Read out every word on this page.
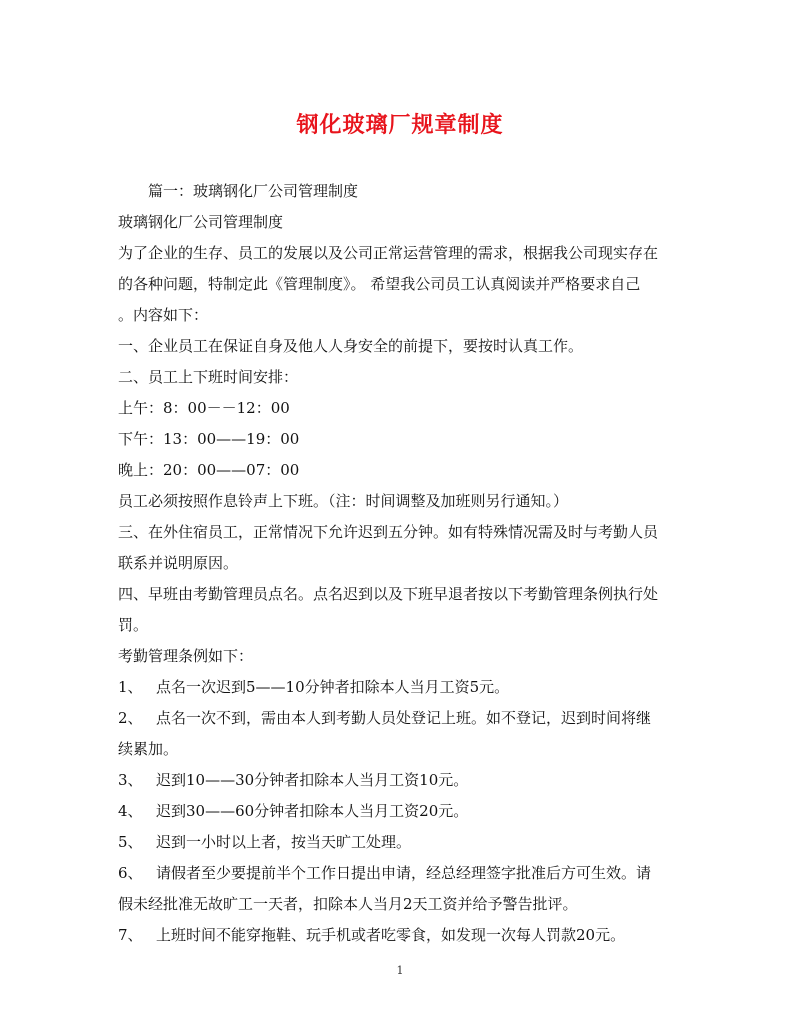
钢化玻璃厂规章制度
篇一：玻璃钢化厂公司管理制度
玻璃钢化厂公司管理制度
为了企业的生存、员工的发展以及公司正常运营管理的需求，根据我公司现实存在
的各种问题，特制定此《管理制度》。 希望我公司员工认真阅读并严格要求自己
。内容如下：
一、企业员工在保证自身及他人人身安全的前提下，要按时认真工作。
二、员工上下班时间安排：
上午：8：00－－12：00
下午：13：00——19：00
晚上：20：00——07：00
员工必须按照作息铃声上下班。（注：时间调整及加班则另行通知。）
三、在外住宿员工，正常情况下允许迟到五分钟。如有特殊情况需及时与考勤人员
联系并说明原因。
四、早班由考勤管理员点名。点名迟到以及下班早退者按以下考勤管理条例执行处
罚。
考勤管理条例如下：
1、 点名一次迟到5——10分钟者扣除本人当月工资5元。
2、 点名一次不到，需由本人到考勤人员处登记上班。如不登记，迟到时间将继
续累加。
3、 迟到10——30分钟者扣除本人当月工资10元。
4、 迟到30——60分钟者扣除本人当月工资20元。
5、 迟到一小时以上者，按当天旷工处理。
6、 请假者至少要提前半个工作日提出申请，经总经理签字批准后方可生效。请
假未经批准无故旷工一天者，扣除本人当月2天工资并给予警告批评。
7、 上班时间不能穿拖鞋、玩手机或者吃零食，如发现一次每人罚款20元。
1
